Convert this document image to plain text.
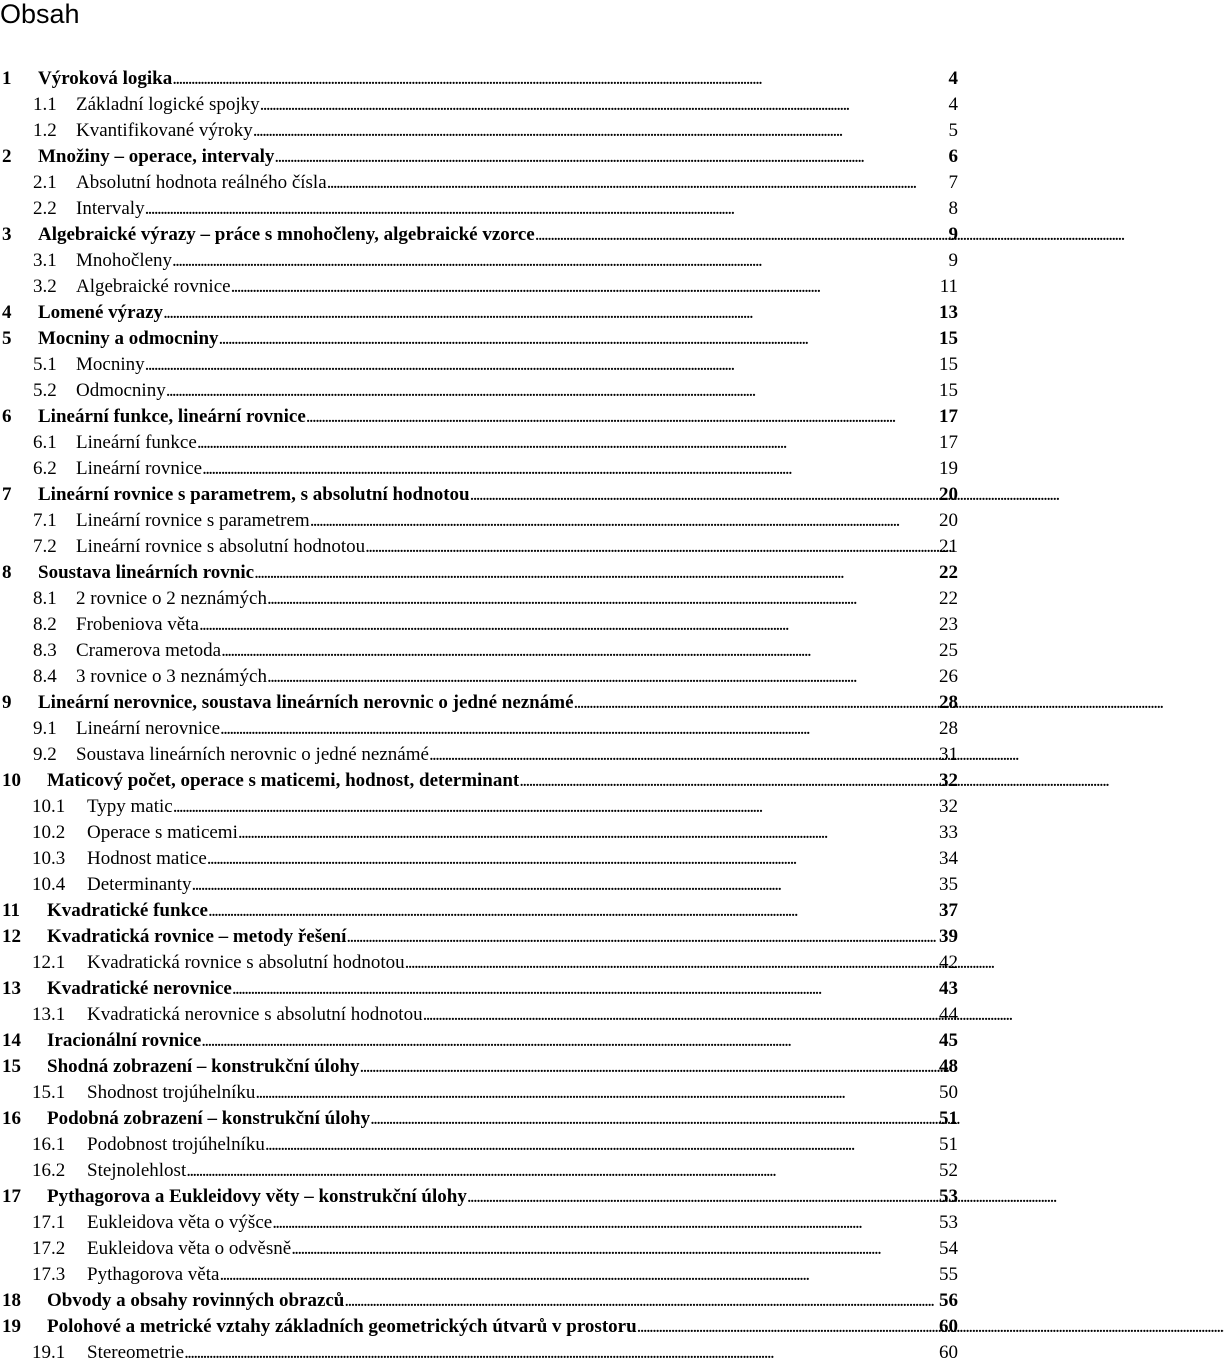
Obsah
1	Výroková logika . . .	4
1.1	Základní logické spojky . . .	4
1.2	Kvantifikované výroky . . .	5
2	Množiny – operace, intervaly . . .	6
2.1	Absolutní hodnota reálného čísla . . .	7
2.2	Intervaly . . .	8
3	Algebraické výrazy – práce s mnohočleny, algebraické vzorce . . .	9
3.1	Mnohočleny . . .	9
3.2	Algebraické rovnice . . .	11
4	Lomené výrazy . . .	13
5	Mocniny a odmocniny . . .	15
5.1	Mocniny . . .	15
5.2	Odmocniny . . .	15
6	Lineární funkce, lineární rovnice . . .	17
6.1	Lineární funkce . . .	17
6.2	Lineární rovnice . . .	19
7	Lineární rovnice s parametrem, s absolutní hodnotou . . .	20
7.1	Lineární rovnice s parametrem . . .	20
7.2	Lineární rovnice s absolutní hodnotou . . .	21
8	Soustava lineárních rovnic . . .	22
8.1	2 rovnice o 2 neznámých . . .	22
8.2	Frobeniova věta . . .	23
8.3	Cramerova metoda . . .	25
8.4	3 rovnice o 3 neznámých . . .	26
9	Lineární nerovnice, soustava lineárních nerovnic o jedné neznámé . . .	28
9.1	Lineární nerovnice . . .	28
9.2	Soustava lineárních nerovnic o jedné neznámé . . .	31
10	Maticový počet, operace s maticemi, hodnost, determinant . . .	32
10.1	Typy matic . . .	32
10.2	Operace s maticemi . . .	33
10.3	Hodnost matice . . .	34
10.4	Determinanty . . .	35
11	Kvadratické funkce . . .	37
12	Kvadratická rovnice – metody řešení . . .	39
12.1	Kvadratická rovnice s absolutní hodnotou . . .	42
13	Kvadratické nerovnice . . .	43
13.1	Kvadratická nerovnice s absolutní hodnotou . . .	44
14	Iracionální rovnice . . .	45
15	Shodná zobrazení – konstrukční úlohy . . .	48
15.1	Shodnost trojúhelníku . . .	50
16	Podobná zobrazení – konstrukční úlohy . . .	51
16.1	Podobnost trojúhelníku . . .	51
16.2	Stejnolehlost . . .	52
17	Pythagorova a Eukleidovy věty – konstrukční úlohy . . .	53
17.1	Eukleidova věta o výšce . . .	53
17.2	Eukleidova věta o odvěsně . . .	54
17.3	Pythagorova věta . . .	55
18	Obvody a obsahy rovinných obrazců . . .	56
19	Polohové a metrické vztahy základních geometrických útvarů v prostoru . . .	60
19.1	Stereometrie . . .	60
